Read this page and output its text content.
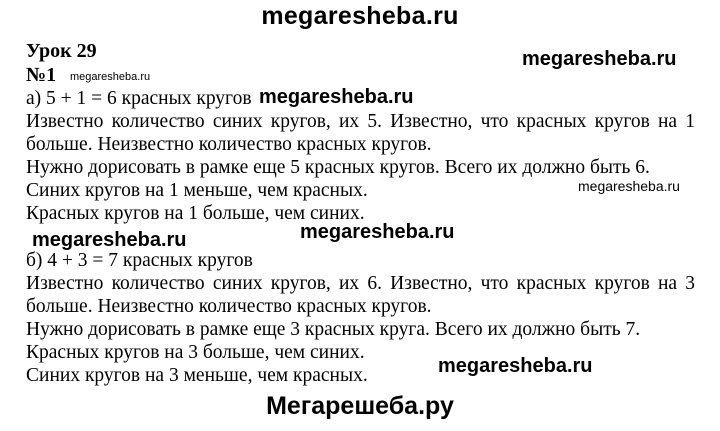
megaresheba.ru
Урок 29	megaresheba.ru
№1 megaresheba.ru
а) 5 + 1 = 6 красных кругов megaresheba.ru
Известно количество синих кругов, их 5. Известно, что красных кругов на 1
больше. Неизвестно количество красных кругов.
Нужно дорисовать в рамке еще 5 красных кругов. Всего их должно быть 6.
Синих кругов на 1 меньше, чем красных.	megaresheba.ru
Красных кругов на 1 больше, чем синих.
megaresheba.ru	megaresheba.ru
б) 4 + 3 = 7 красных кругов
Известно количество синих кругов, их 6. Известно, что красных кругов на 3
больше. Неизвестно количество красных кругов.
Нужно дорисовать в рамке еще 3 красных круга. Всего их должно быть 7.
Красных кругов на 3 больше, чем синих.
megaresheba.ru
Синих кругов на 3 меньше, чем красных.
Мегарешеба.ру
